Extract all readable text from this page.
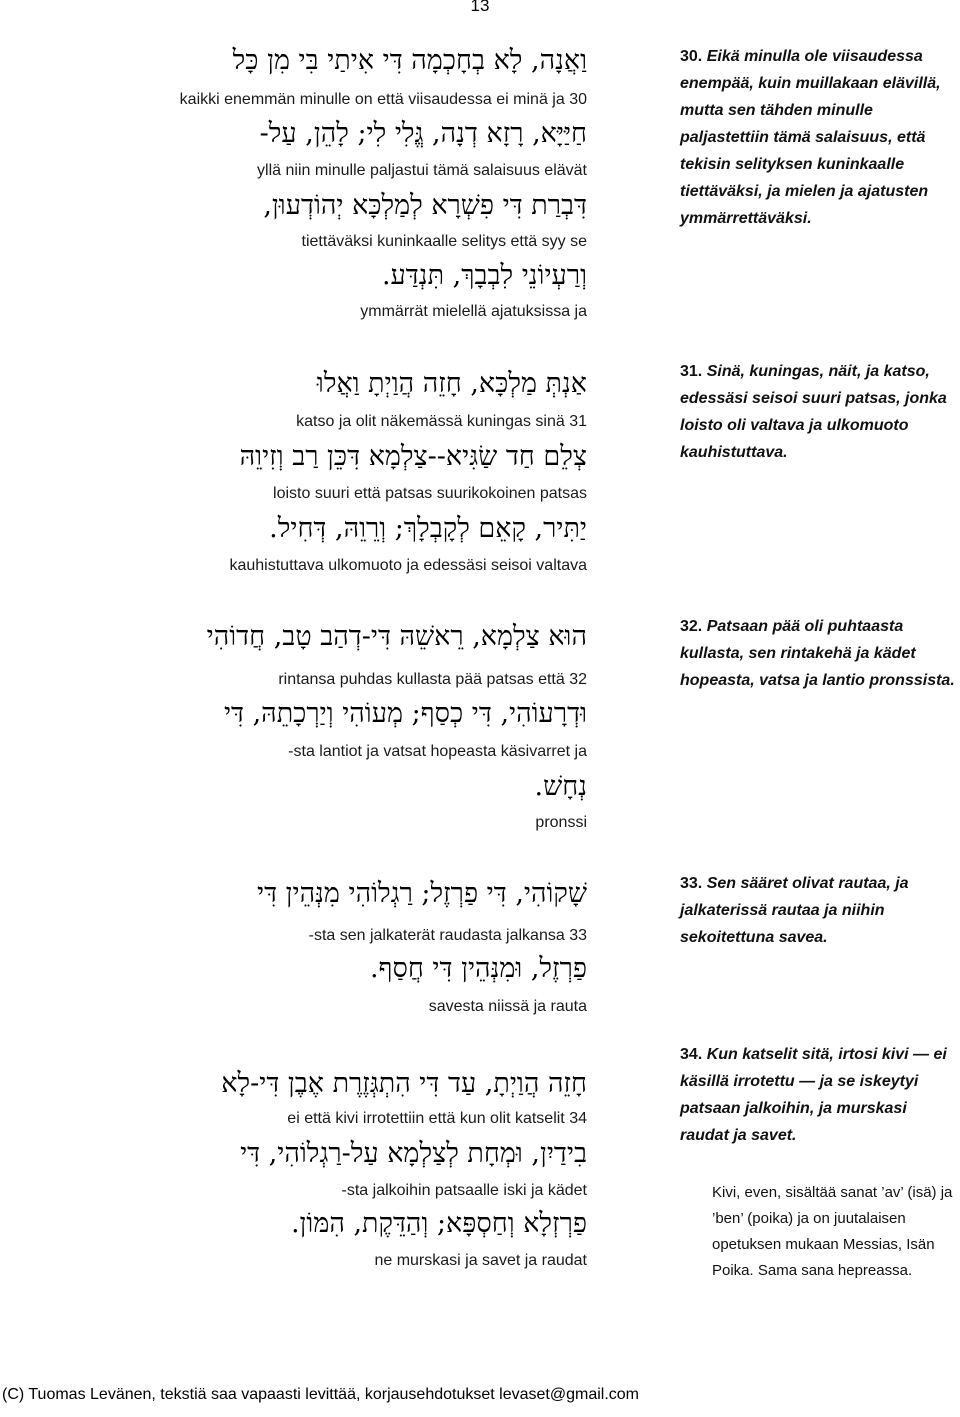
13
וַאֲנָה, לָא בְחָכְמָה דִּי אִיתַי בִּי מִן כָּל
kaikki enemmän minulle on että viisaudessa ei minä ja 30
חַיַּיָּא, רָזָא דְנָה, גֱּלִי לִי; לָהֵן, עַל-
yllä niin minulle paljastui tämä salaisuus elävät
דִּבְרַת דִּי פִשְׁרָא לְמַלְכָּא יְהוֹדְעוּן,
tiettäväksi kuninkaalle selitys että syy se
וְרַעְיוֹנֵי לִבְבָךְ, תִּנְדַּע.
ymmärrät mielellä ajatuksissa ja
30. Eikä minulla ole viisaudessa enempää, kuin muillakaan elävillä, mutta sen tähden minulle paljastettiin tämä salaisuus, että tekisin selityksen kuninkaalle tiettäväksi, ja mielen ja ajatusten ymmärrettäväksi.
אַנְתְּ מַלְכָּא, חָזֵה הֲוַיְתָ וַאֲלוּ
katso ja olit näkemässä kuningas sinä 31
צְלֵם חַד שַׂגִּיא--צַלְמָא דִּכֵּן רַב וְזִיוֵהּ
loisto suuri että patsas suurikokoinen patsas
יַתִּיר, קָאֵם לְקָבְלָךְ; וְרֵוֵהּ, דְּחִיל.
kauhistuttava ulkomuoto ja edessäsi seisoi valtava
31. Sinä, kuningas, näit, ja katso, edessäsi seisoi suuri patsas, jonka loisto oli valtava ja ulkomuoto kauhistuttava.
הוּא צַלְמָא, רֵאשֵׁהּ דִּי-דְהַב טָב, חֲדוֹהִי
rintansa puhdas kullasta pää patsas että 32
וּדְרָעוֹהִי, דִּי כְסַף; מְעוֹהִי וְיַרְכָתֵהּ, דִּי
-sta lantiot ja vatsat hopeasta käsivarret ja
נְחָשׁ.
pronssi
32. Patsaan pää oli puhtaasta kullasta, sen rintakehä ja kädet hopeasta, vatsa ja lantio pronssista.
שָׁקוֹהִי, דִּי פַרְזֶל; רַגְלוֹהִי מִנְּהֵין דִּי
-sta sen jalkaterät raudasta jalkansa 33
פַרְזֶל, וּמִנְּהֵין דִּי חֲסַף.
savesta niissä ja rauta
33. Sen sääret olivat rautaa, ja jalkaterissä rautaa ja niihin sekoitettuna savea.
חָזֵה הֲוַיְתָ, עַד דִּי הִתְגְּזֶרֶת אֶבֶן דִּי-לָא
ei että kivi irrotettiin että kun olit katselit 34
בִידַיִן, וּמְחָת לְצַלְמָא עַל-רַגְלוֹהִי, דִּי
-sta jalkoihin patsaalle iski ja kädet
פַרְזְלָא וְחַסְפָּא; וְהַדֵּקֶת, הִמּוֹן.
ne murskasi ja savet ja raudat
34. Kun katselit sitä, irtosi kivi — ei käsillä irrotettu — ja se iskeytyi patsaan jalkoihin, ja murskasi raudat ja savet.
Kivi, even, sisältää sanat ’av’ (isä) ja ’ben’ (poika) ja on juutalaisen opetuksen mukaan Messias, Isän Poika. Sama sana hepreassa.
(C) Tuomas Levänen, tekstiä saa vapaasti levittää, korjausehdotukset levaset@gmail.com
